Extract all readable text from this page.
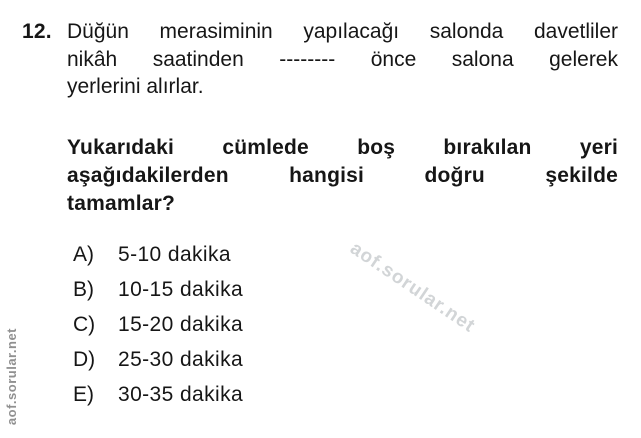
12. Düğün merasiminin yapılacağı salonda davetliler
nikâh saatinden -------- önce salona gelerek
yerlerini alırlar.
Yukarıdaki cümlede boş bırakılan yeri
aşağıdakilerden hangisi doğru şekilde
tamamlar?
A)	5-10 dakika
B)	10-15 dakika
C)	15-20 dakika
D)	25-30 dakika
E)	30-35 dakika
aof.sorular.net
aof.sorular.net
